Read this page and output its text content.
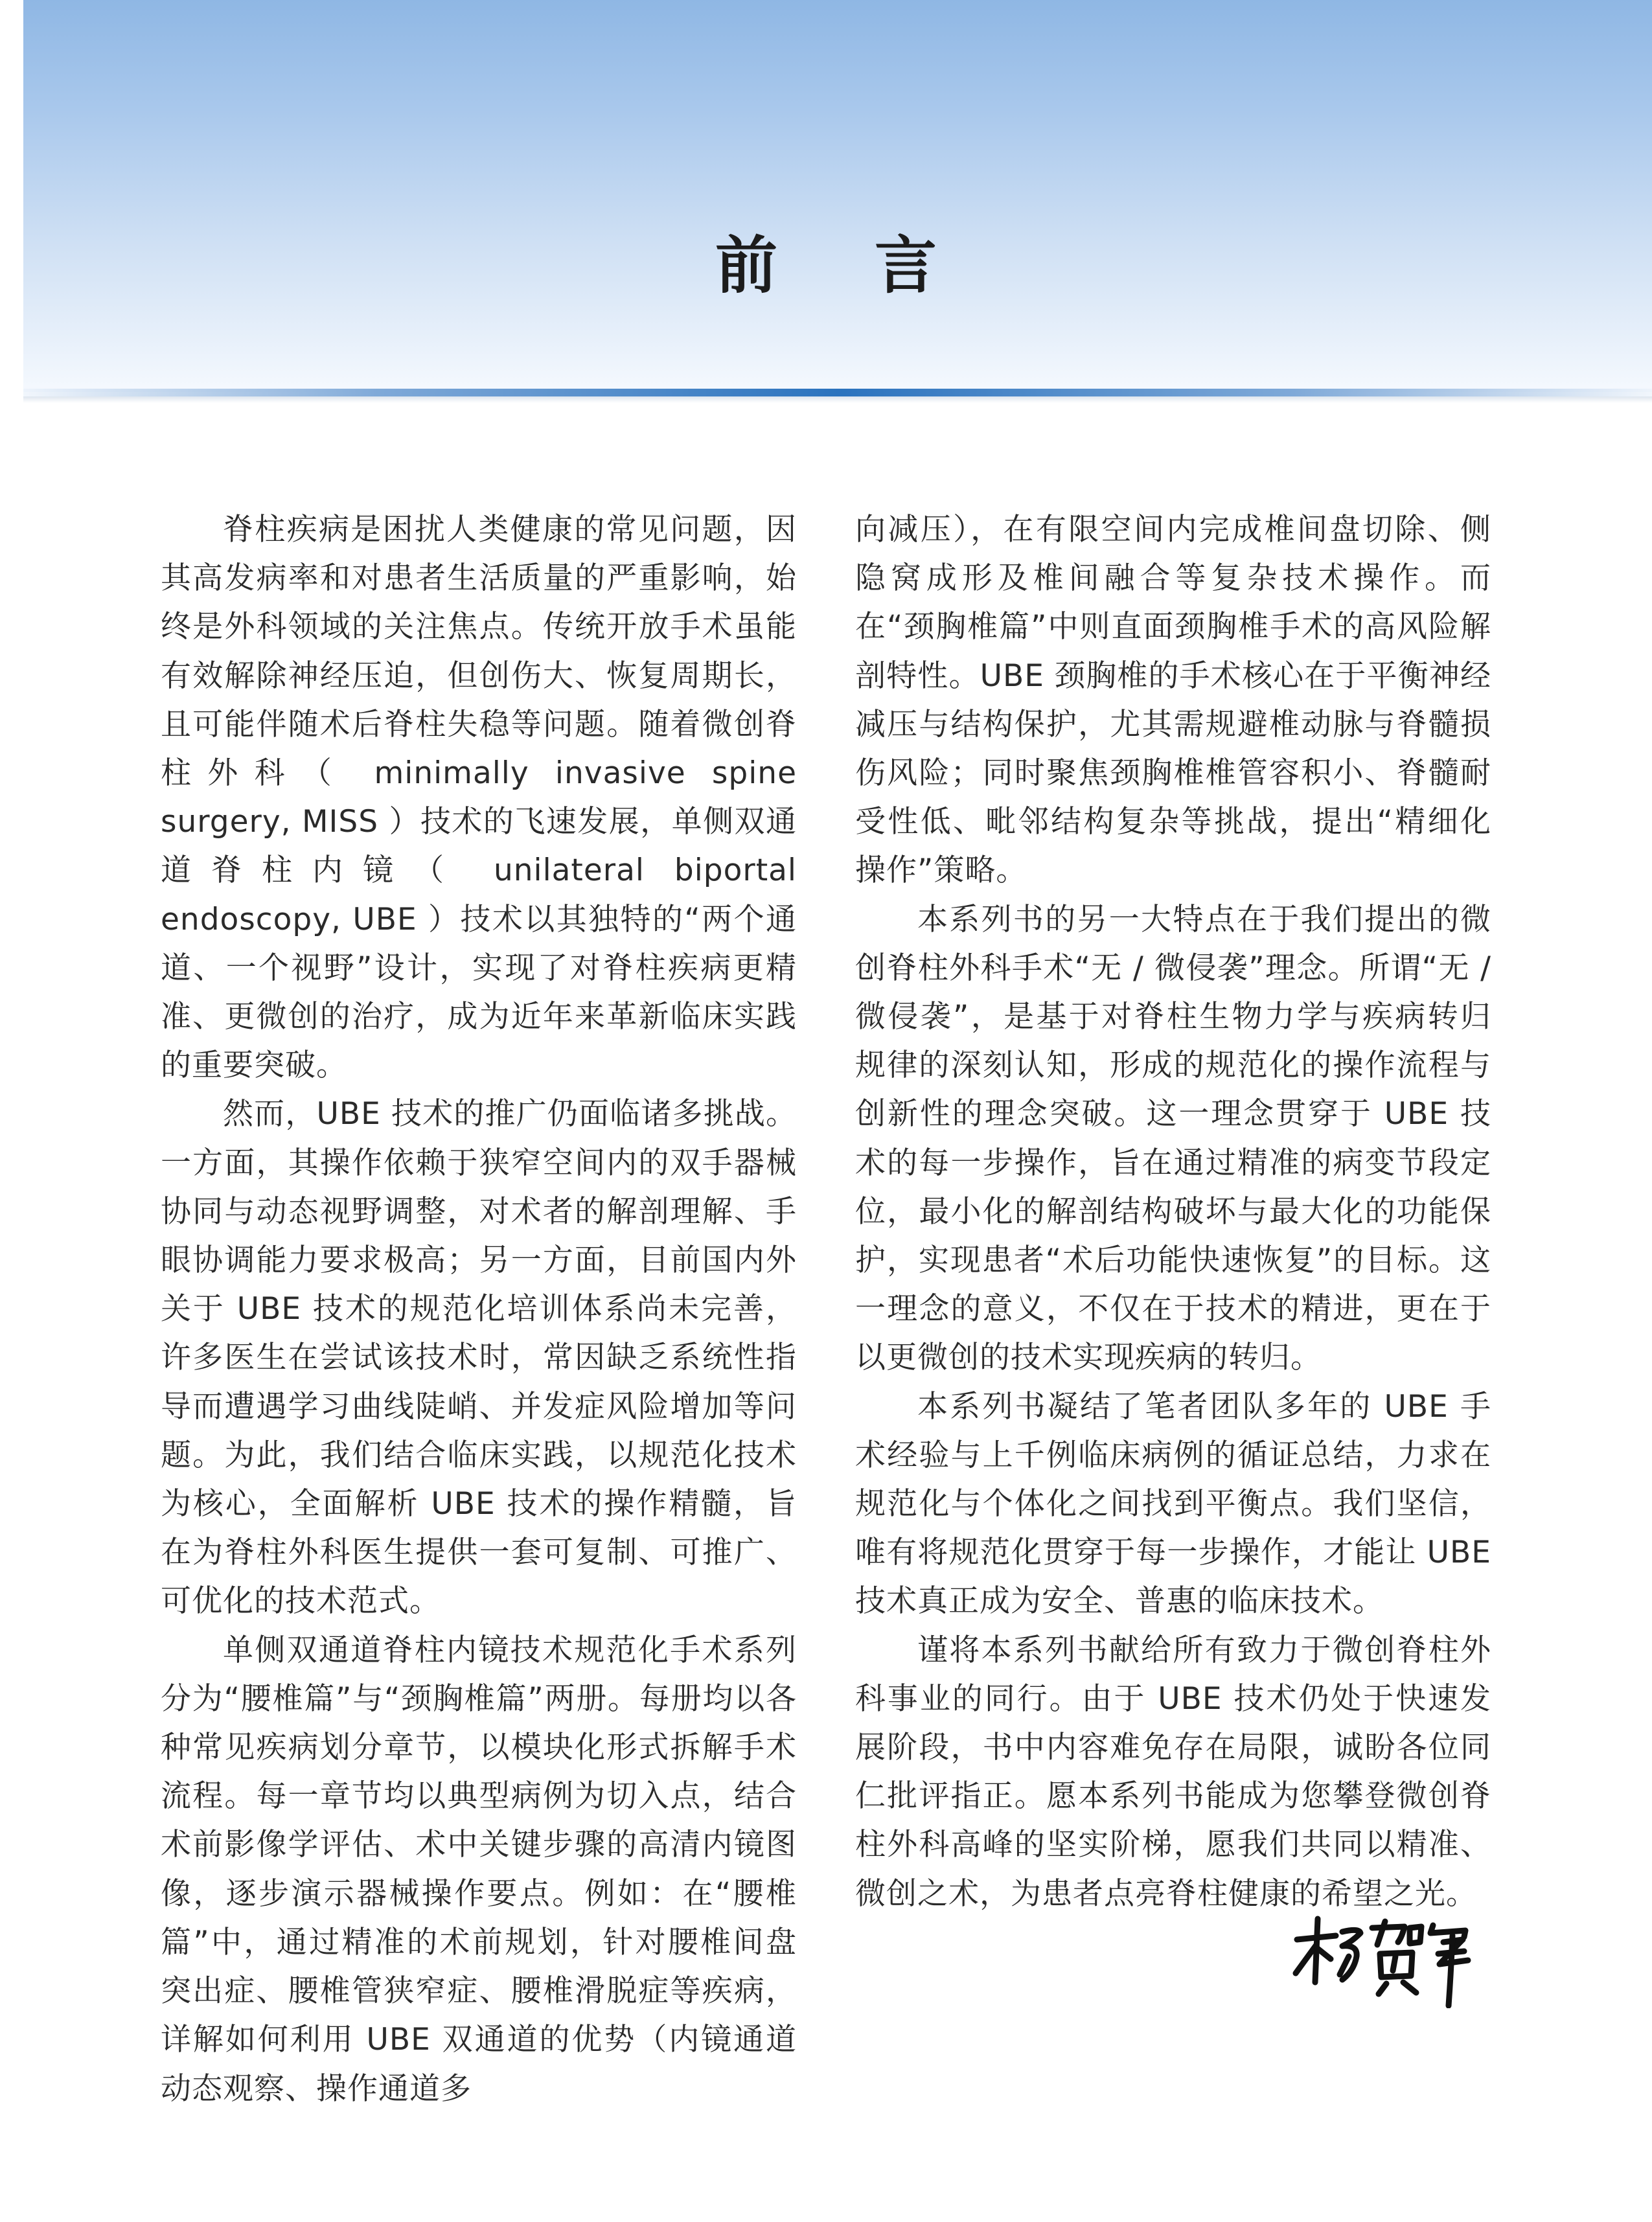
前言

脊柱疾病是困扰人类健康的常见问题，因其高发病率和对患者生活质量的严重影响，始终是外科领域的关注焦点。传统开放手术虽能有效解除神经压迫，但创伤大、恢复周期长，且可能伴随术后脊柱失稳等问题。随着微创脊柱外科（ minimally invasive spine surgery, MISS ）技术的飞速发展，单侧双通道脊柱内镜（ unilateral biportal endoscopy, UBE ）技术以其独特的“两个通道、一个视野”设计，实现了对脊柱疾病更精准、更微创的治疗，成为近年来革新临床实践的重要突破。

然而，UBE 技术的推广仍面临诸多挑战。一方面，其操作依赖于狭窄空间内的双手器械协同与动态视野调整，对术者的解剖理解、手眼协调能力要求极高；另一方面，目前国内外关于 UBE 技术的规范化培训体系尚未完善，许多医生在尝试该技术时，常因缺乏系统性指导而遭遇学习曲线陡峭、并发症风险增加等问题。为此，我们结合临床实践，以规范化技术为核心，全面解析 UBE 技术的操作精髓，旨在为脊柱外科医生提供一套可复制、可推广、可优化的技术范式。

单侧双通道脊柱内镜技术规范化手术系列分为“腰椎篇”与“颈胸椎篇”两册。每册均以各种常见疾病划分章节，以模块化形式拆解手术流程。每一章节均以典型病例为切入点，结合术前影像学评估、术中关键步骤的高清内镜图像，逐步演示器械操作要点。例如：在“腰椎篇”中，通过精准的术前规划，针对腰椎间盘突出症、腰椎管狭窄症、腰椎滑脱症等疾病，详解如何利用 UBE 双通道的优势（内镜通道动态观察、操作通道多

向减压），在有限空间内完成椎间盘切除、侧隐窝成形及椎间融合等复杂技术操作。而在“颈胸椎篇”中则直面颈胸椎手术的高风险解剖特性。UBE 颈胸椎的手术核心在于平衡神经减压与结构保护，尤其需规避椎动脉与脊髓损伤风险；同时聚焦颈胸椎椎管容积小、脊髓耐受性低、毗邻结构复杂等挑战，提出“精细化操作”策略。

本系列书的另一大特点在于我们提出的微创脊柱外科手术“无 / 微侵袭”理念。所谓“无 / 微侵袭”，是基于对脊柱生物力学与疾病转归规律的深刻认知，形成的规范化的操作流程与创新性的理念突破。这一理念贯穿于 UBE 技术的每一步操作，旨在通过精准的病变节段定位，最小化的解剖结构破坏与最大化的功能保护，实现患者“术后功能快速恢复”的目标。这一理念的意义，不仅在于技术的精进，更在于以更微创的技术实现疾病的转归。

本系列书凝结了笔者团队多年的 UBE 手术经验与上千例临床病例的循证总结，力求在规范化与个体化之间找到平衡点。我们坚信，唯有将规范化贯穿于每一步操作，才能让 UBE 技术真正成为安全、普惠的临床技术。

谨将本系列书献给所有致力于微创脊柱外科事业的同行。由于 UBE 技术仍处于快速发展阶段，书中内容难免存在局限，诚盼各位同仁批评指正。愿本系列书能成为您攀登微创脊柱外科高峰的坚实阶梯，愿我们共同以精准、微创之术，为患者点亮脊柱健康的希望之光。
